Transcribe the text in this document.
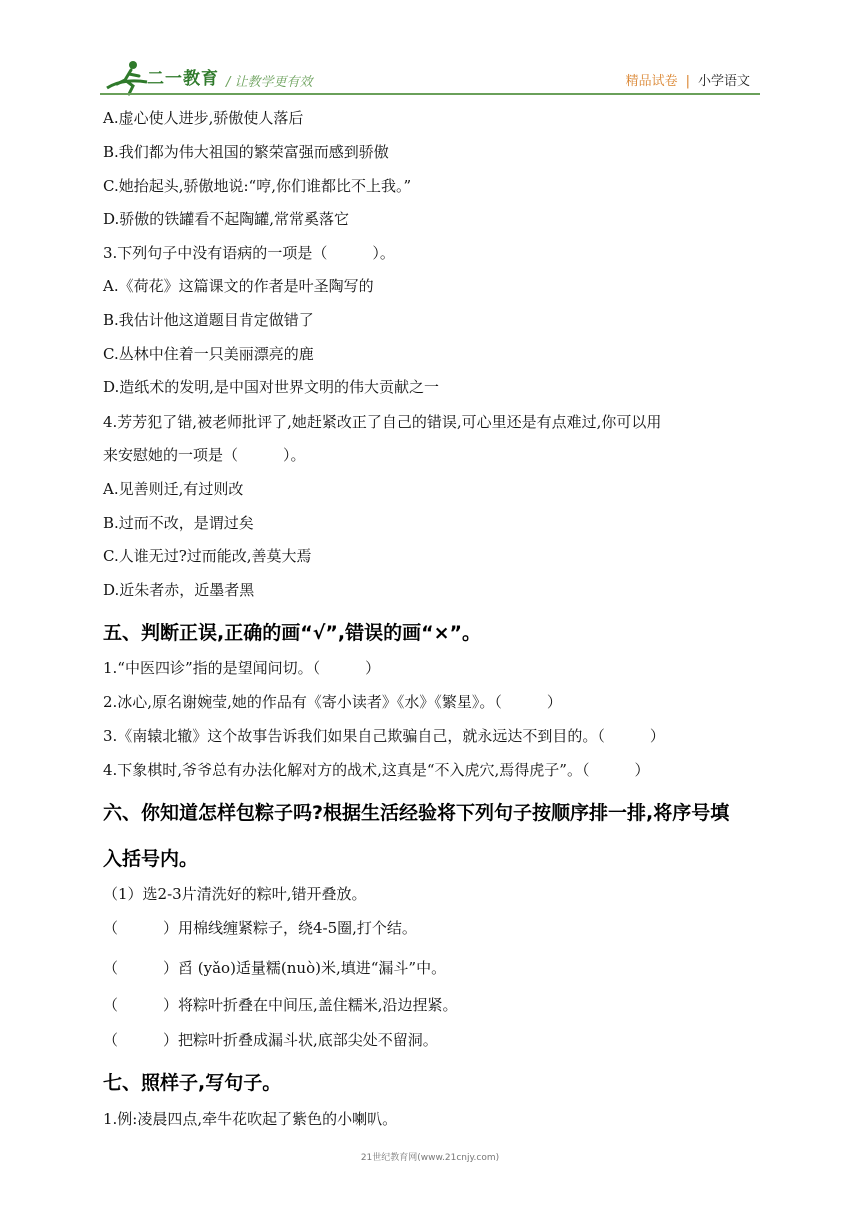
二一教育 / 让教学更有效	精品试卷 | 小学语文
A.虚心使人进步,骄傲使人落后
B.我们都为伟大祖国的繁荣富强而感到骄傲
C.她抬起头,骄傲地说:“哼,你们谁都比不上我。”
D.骄傲的铁罐看不起陶罐,常常奚落它
3.下列句子中没有语病的一项是（　　　）。
A.《荷花》这篇课文的作者是叶圣陶写的
B.我估计他这道题目肯定做错了
C.丛林中住着一只美丽漂亮的鹿
D.造纸术的发明,是中国对世界文明的伟大贡献之一
4.芳芳犯了错,被老师批评了,她赶紧改正了自己的错误,可心里还是有点难过,你可以用
来安慰她的一项是（　　　）。
A.见善则迁,有过则改
B.过而不改，是谓过矣
C.人谁无过?过而能改,善莫大焉
D.近朱者赤，近墨者黑
五、判断正误,正确的画“√”,错误的画“×”。
1.“中医四诊”指的是望闻问切。（　　　）
2.冰心,原名谢婉莹,她的作品有《寄小读者》《水》《繁星》。（　　　）
3.《南辕北辙》这个故事告诉我们如果自己欺骗自己，就永远达不到目的。（　　　）
4.下象棋时,爷爷总有办法化解对方的战术,这真是“不入虎穴,焉得虎子”。（　　　）
六、你知道怎样包粽子吗?根据生活经验将下列句子按顺序排一排,将序号填
入括号内。
（1）选2-3片清洗好的粽叶,错开叠放。
（　　　）用棉线缠紧粽子，绕4-5圈,打个结。
（　　　）舀 (yǎo)适量糯(nuò)米,填进“漏斗”中。
（　　　）将粽叶折叠在中间压,盖住糯米,沿边捏紧。
（　　　）把粽叶折叠成漏斗状,底部尖处不留洞。
七、照样子,写句子。
1.例:凌晨四点,牵牛花吹起了紫色的小喇叭。
21世纪教育网(www.21cnjy.com)
